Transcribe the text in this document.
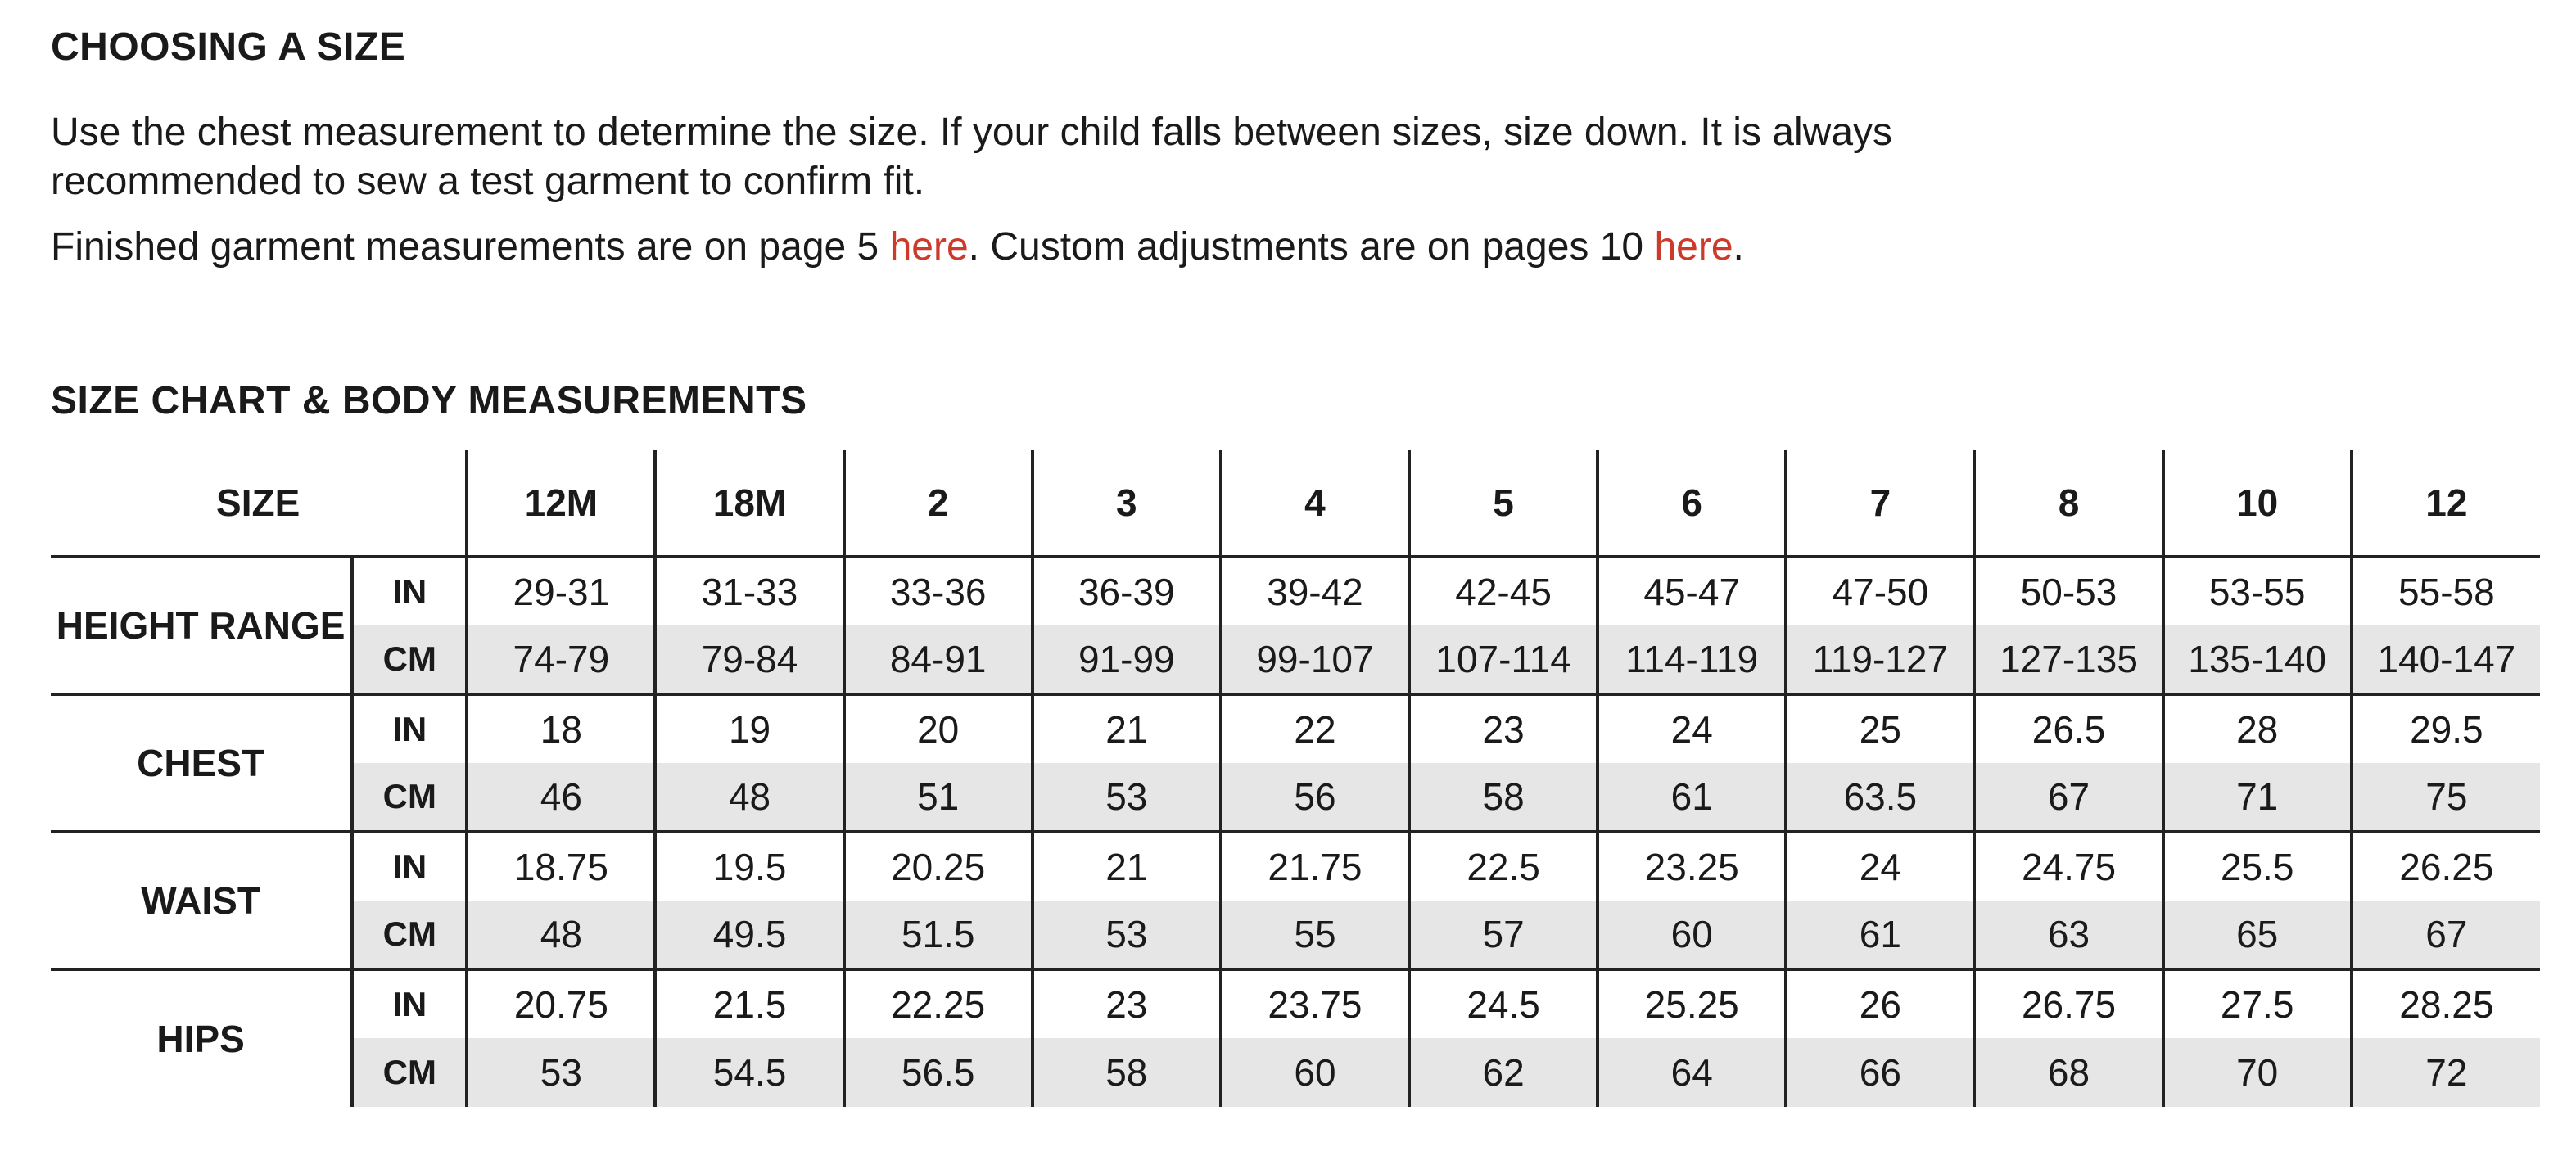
CHOOSING A SIZE

Use the chest measurement to determine the size. If your child falls between sizes, size down. It is always recommended to sew a test garment to confirm fit.

Finished garment measurements are on page 5 here. Custom adjustments are on pages 10 here.

SIZE CHART & BODY MEASUREMENTS
SIZE		12M	18M	2	3	4	5	6	7	8	10	12
HEIGHT RANGE	IN	29-31	31-33	33-36	36-39	39-42	42-45	45-47	47-50	50-53	53-55	55-58
	CM	74-79	79-84	84-91	91-99	99-107	107-114	114-119	119-127	127-135	135-140	140-147
CHEST	IN	18	19	20	21	22	23	24	25	26.5	28	29.5
	CM	46	48	51	53	56	58	61	63.5	67	71	75
WAIST	IN	18.75	19.5	20.25	21	21.75	22.5	23.25	24	24.75	25.5	26.25
	CM	48	49.5	51.5	53	55	57	60	61	63	65	67
HIPS	IN	20.75	21.5	22.25	23	23.75	24.5	25.25	26	26.75	27.5	28.25
	CM	53	54.5	56.5	58	60	62	64	66	68	70	72
